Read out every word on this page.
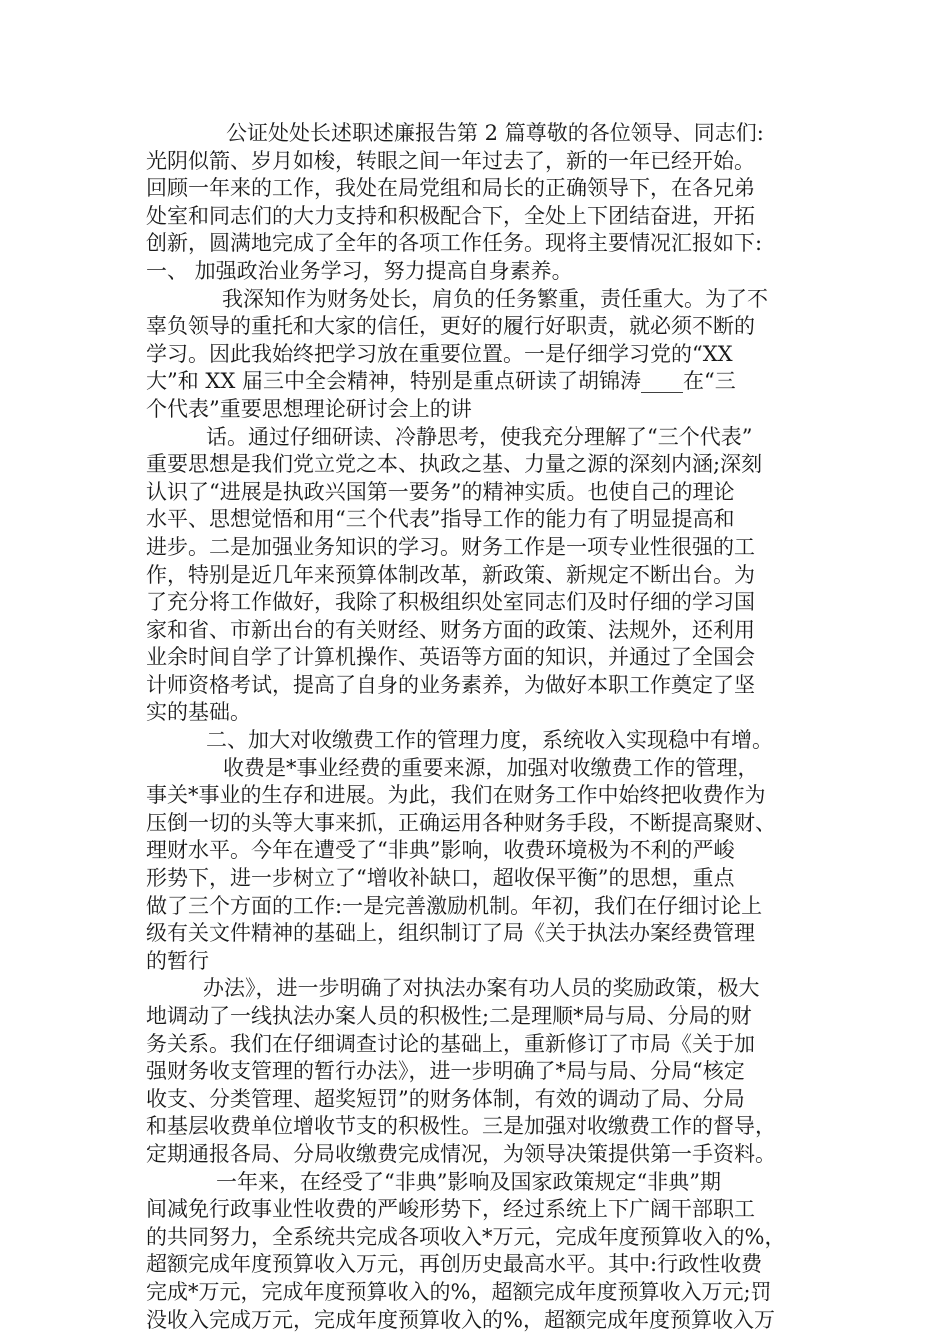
公证处处长述职述廉报告第 2 篇尊敬的各位领导、同志们:
光阴似箭、岁月如梭，转眼之间一年过去了，新的一年已经开始。
回顾一年来的工作，我处在局党组和局长的正确领导下，在各兄弟
处室和同志们的大力支持和积极配合下，全处上下团结奋进，开拓
创新，圆满地完成了全年的各项工作任务。现将主要情况汇报如下:
一、 加强政治业务学习，努力提高自身素养。
我深知作为财务处长，肩负的任务繁重，责任重大。为了不
辜负领导的重托和大家的信任，更好的履行好职责，就必须不断的
学习。因此我始终把学习放在重要位置。一是仔细学习党的“XX
大”和 XX 届三中全会精神，特别是重点研读了胡锦涛____在“三
个代表”重要思想理论研讨会上的讲
话。通过仔细研读、冷静思考，使我充分理解了“三个代表”
重要思想是我们党立党之本、执政之基、力量之源的深刻内涵;深刻
认识了“进展是执政兴国第一要务”的精神实质。也使自己的理论
水平、思想觉悟和用“三个代表”指导工作的能力有了明显提高和
进步。二是加强业务知识的学习。财务工作是一项专业性很强的工
作，特别是近几年来预算体制改革，新政策、新规定不断出台。为
了充分将工作做好，我除了积极组织处室同志们及时仔细的学习国
家和省、市新出台的有关财经、财务方面的政策、法规外，还利用
业余时间自学了计算机操作、英语等方面的知识，并通过了全国会
计师资格考试，提高了自身的业务素养，为做好本职工作奠定了坚
实的基础。
二、加大对收缴费工作的管理力度，系统收入实现稳中有增。
收费是*事业经费的重要来源，加强对收缴费工作的管理，
事关*事业的生存和进展。为此，我们在财务工作中始终把收费作为
压倒一切的头等大事来抓，正确运用各种财务手段，不断提高聚财、
理财水平。今年在遭受了“非典”影响，收费环境极为不利的严峻
形势下，进一步树立了“增收补缺口，超收保平衡”的思想，重点
做了三个方面的工作:一是完善激励机制。年初，我们在仔细讨论上
级有关文件精神的基础上，组织制订了局《关于执法办案经费管理
的暂行
办法》，进一步明确了对执法办案有功人员的奖励政策，极大
地调动了一线执法办案人员的积极性;二是理顺*局与局、分局的财
务关系。我们在仔细调查讨论的基础上，重新修订了市局《关于加
强财务收支管理的暂行办法》，进一步明确了*局与局、分局“核定
收支、分类管理、超奖短罚”的财务体制，有效的调动了局、分局
和基层收费单位增收节支的积极性。三是加强对收缴费工作的督导，
定期通报各局、分局收缴费完成情况，为领导决策提供第一手资料。
一年来，在经受了“非典”影响及国家政策规定“非典”期
间减免行政事业性收费的严峻形势下，经过系统上下广阔干部职工
的共同努力，全系统共完成各项收入*万元，完成年度预算收入的%，
超额完成年度预算收入万元，再创历史最高水平。其中:行政性收费
完成*万元，完成年度预算收入的%，超额完成年度预算收入万元;罚
没收入完成万元，完成年度预算收入的%，超额完成年度预算收入万
